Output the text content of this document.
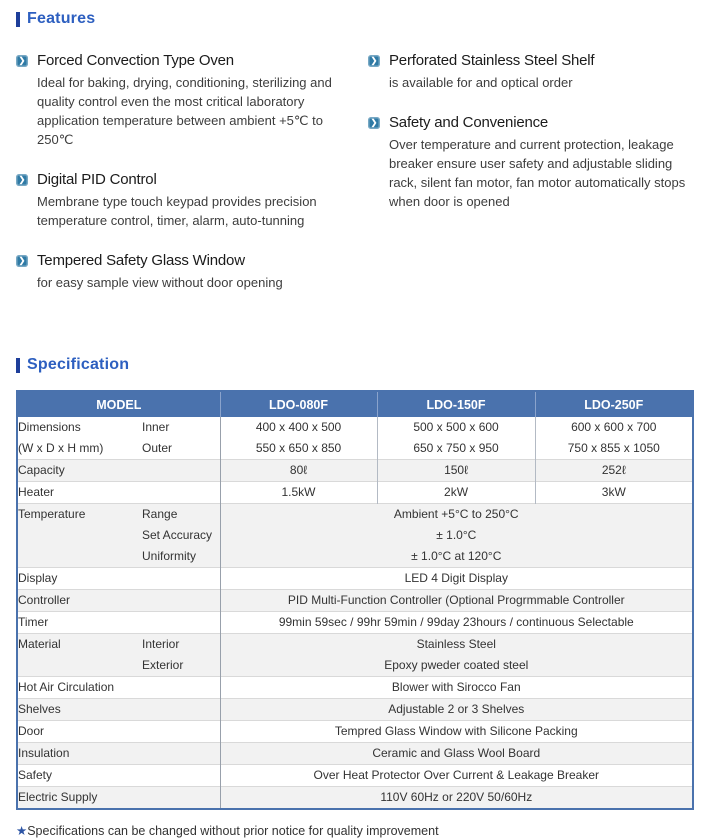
Features
❯ Forced Convection Type Oven
Ideal for baking, drying, conditioning, sterilizing and quality control even the most critical laboratory application temperature between ambient +5℃ to 250℃
❯ Digital PID Control
Membrane type touch keypad provides precision temperature control, timer, alarm, auto-tunning
❯ Tempered Safety Glass Window
for easy sample view without door opening
❯ Perforated Stainless Steel Shelf
is available for and optical order
❯ Safety and Convenience
Over temperature and current protection, leakage breaker ensure user safety and adjustable sliding rack, silent fan motor, fan motor automatically stops when door is opened
Specification
MODEL		LDO-080F	LDO-150F	LDO-250F

Dimensions
(W x D x H mm)	Inner	400 x 400 x 500	500 x 500 x 600	600 x 600 x 700
	Outer	550 x 650 x 850	650 x 750 x 950	750 x 855 x 1050

Capacity		80ℓ	150ℓ	252ℓ

Heater		1.5kW	2kW	3kW

Temperature	Range	Ambient +5°C to 250°C		
	Set Accuracy	± 1.0°C		
	Uniformity	± 1.0°C at 120°C		

Display		LED 4 Digit Display		

Controller		PID Multi-Function Controller (Optional Progrmmable Controller		

Timer		99min 59sec / 99hr 59min / 99day 23hours / continuous Selectable		

Material	Interior	Stainless Steel		
	Exterior	Epoxy pweder coated steel		

Hot Air Circulation		Blower with Sirocco Fan		

Shelves		Adjustable 2 or 3 Shelves		

Door		Tempred Glass Window with Silicone Packing		

Insulation		Ceramic and Glass Wool Board		

Safety		Over Heat Protector Over Current & Leakage Breaker		

Electric Supply		110V 60Hz or 220V 50/60Hz		
★Specifications can be changed without prior notice for quality improvement
